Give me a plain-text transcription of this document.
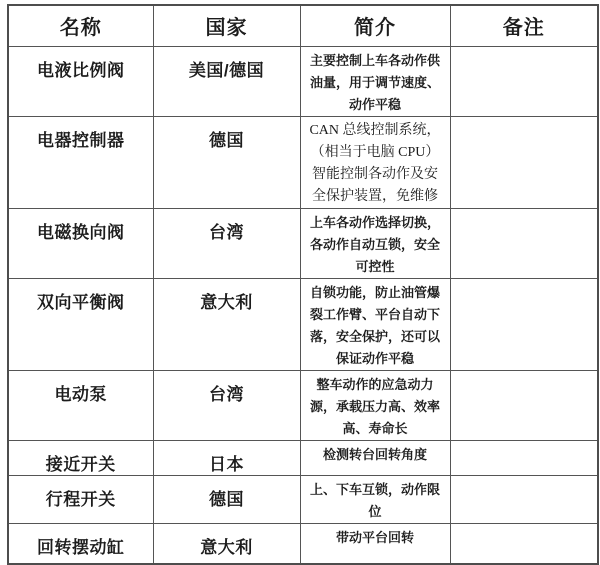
名称	国家	简介	备注
电液比例阀	美国/德国	主要控制上车各动作供油量，用于调节速度、动作平稳	
电器控制器	德国	CAN 总线控制系统，（相当于电脑 CPU）智能控制各动作及安全保护装置，免维修	
电磁换向阀	台湾	上车各动作选择切换，各动作自动互锁，安全可控性	
双向平衡阀	意大利	自锁功能，防止油管爆裂工作臂、平台自动下落，安全保护，还可以保证动作平稳	
电动泵	台湾	整车动作的应急动力源，承载压力高、效率高、寿命长	
接近开关	日本	检测转台回转角度	
行程开关	德国	上、下车互锁，动作限位	
回转摆动缸	意大利	带动平台回转	
